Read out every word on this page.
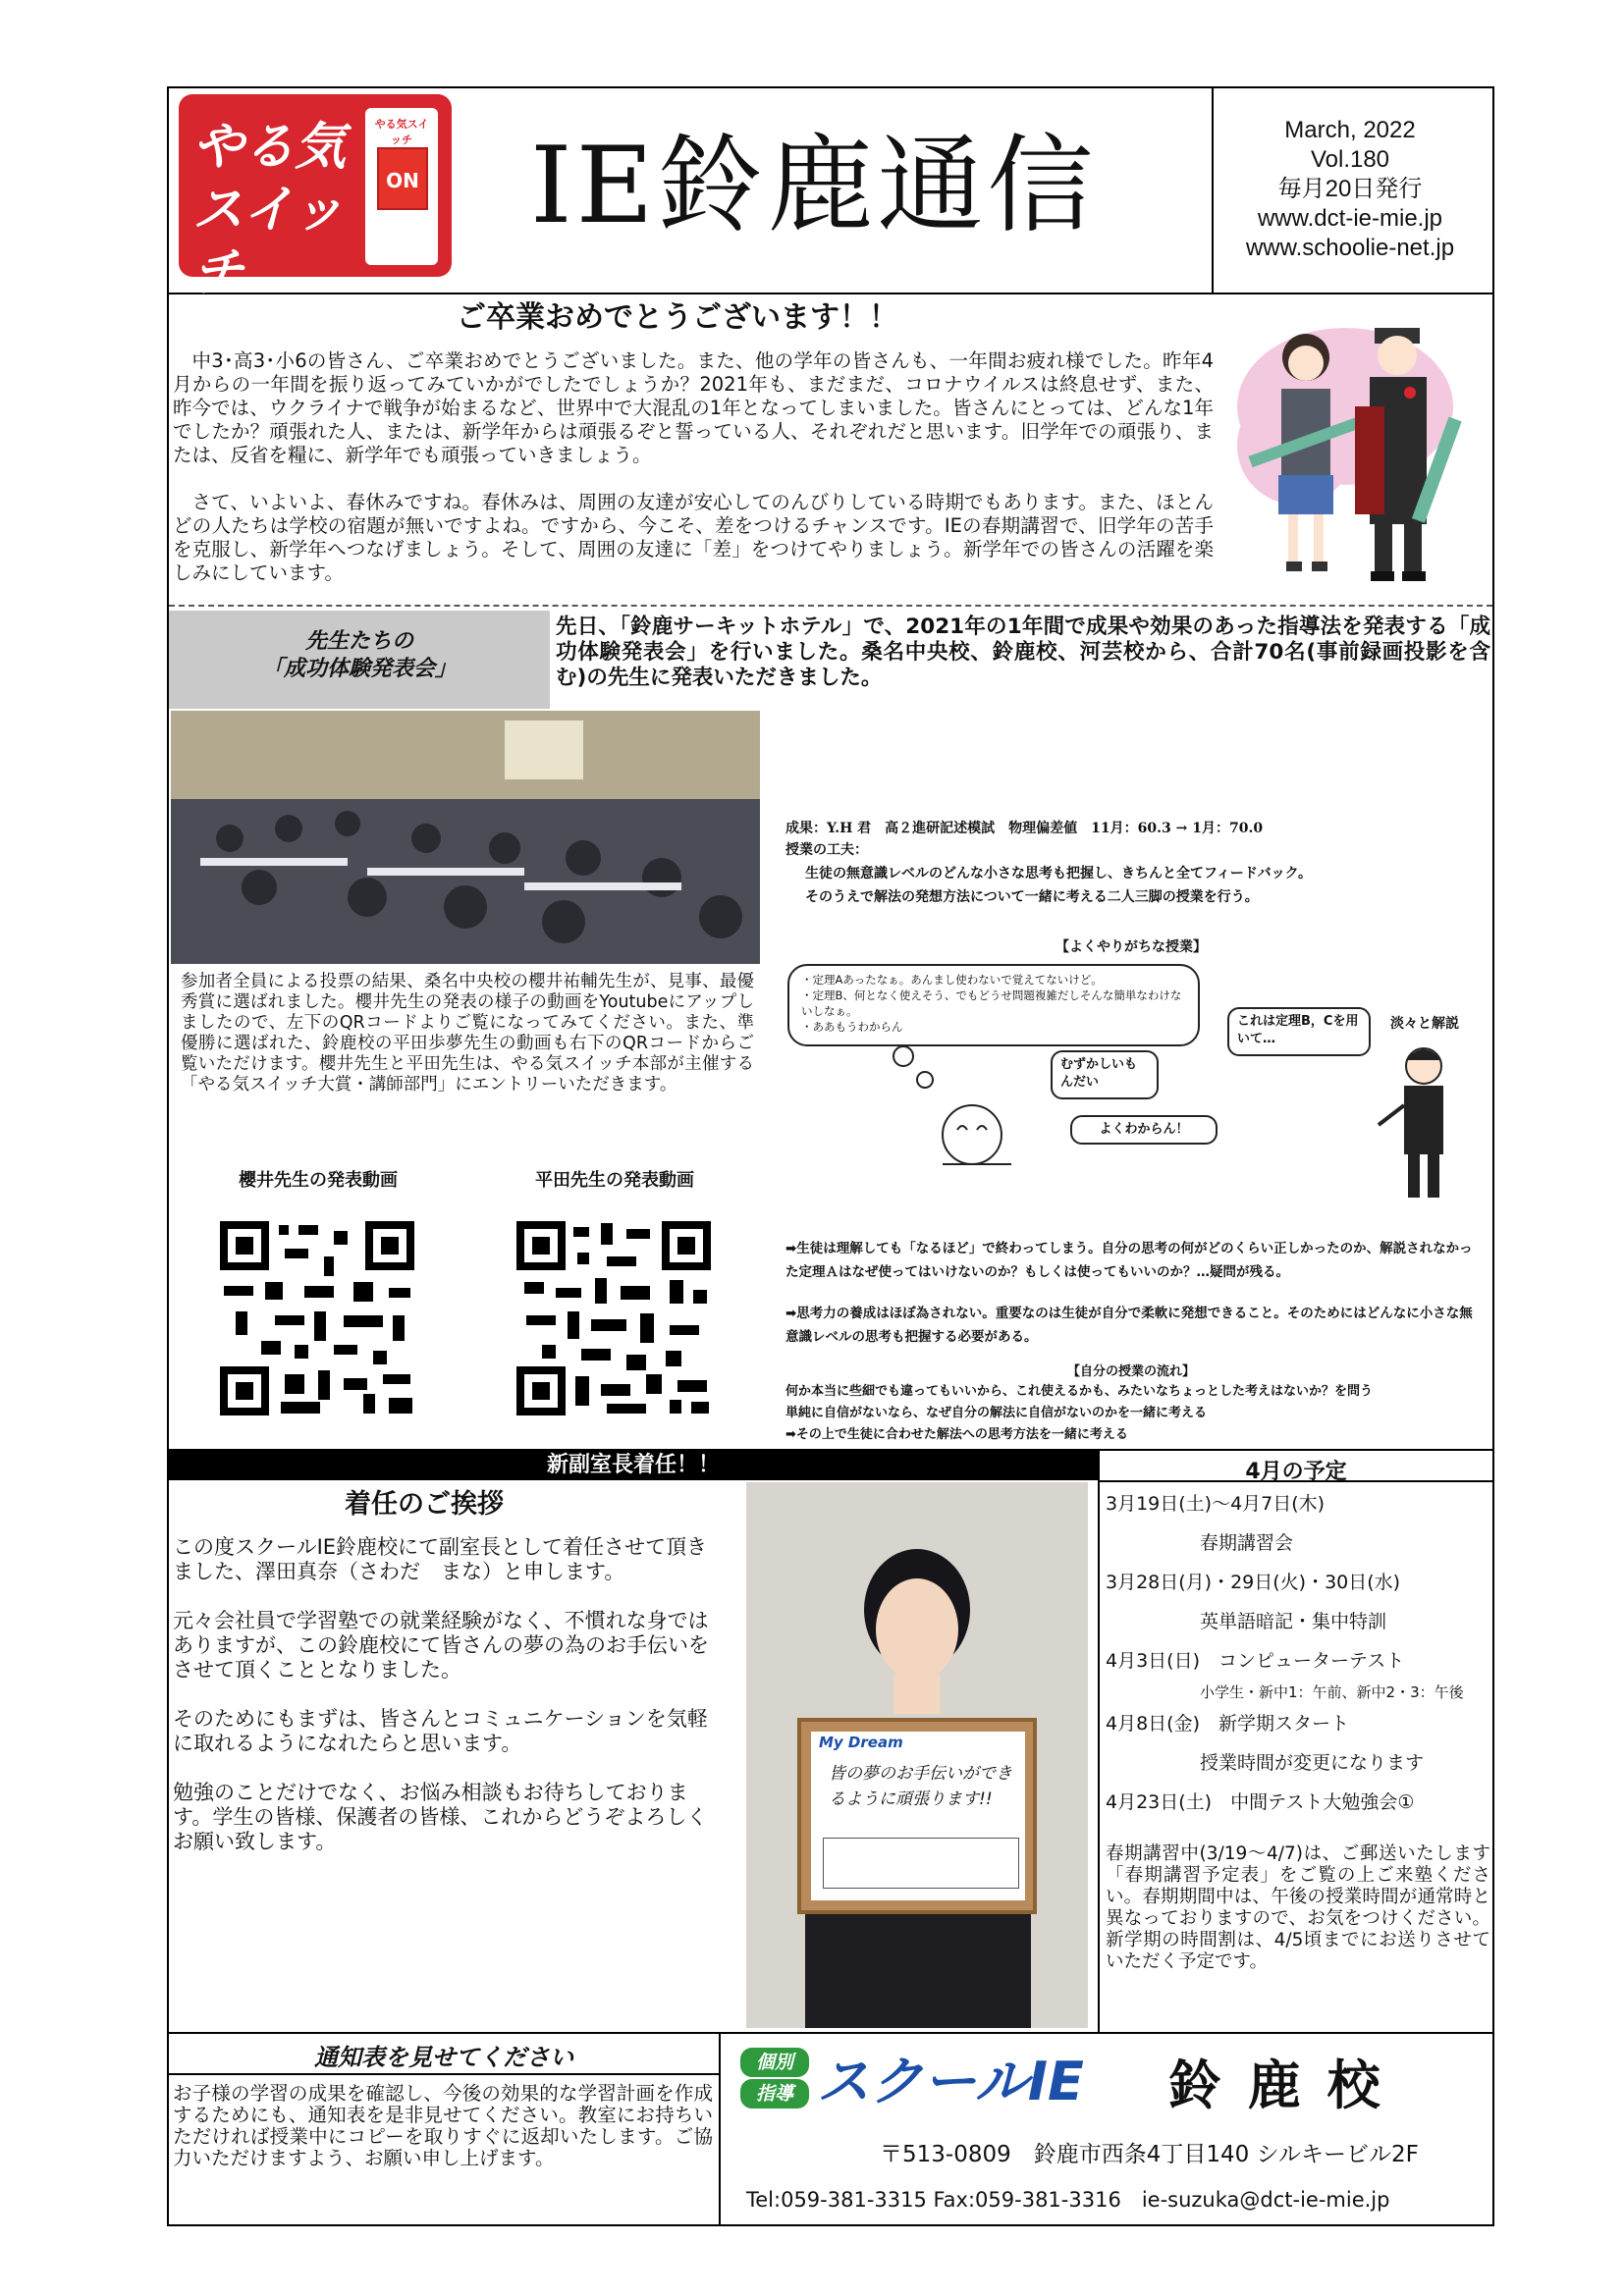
やる気
スイッチ
やる気スイッチ
ON IE鈴鹿通信	March, 2022
Vol.180
毎月20日発行
www.dct-ie-mie.jp
www.schoolie-net.jp
ご卒業おめでとうございます！！
中3･高3･小6の皆さん、ご卒業おめでとうございました。また、他の学年の皆さんも、一年間お疲れ様でした。昨年4月からの一年間を振り返ってみていかがでしたでしょうか？2021年も、まだまだ、コロナウイルスは終息せず、また、昨今では、ウクライナで戦争が始まるなど、世界中で大混乱の1年となってしまいました。皆さんにとっては、どんな1年でしたか？頑張れた人、または、新学年からは頑張るぞと誓っている人、それぞれだと思います。旧学年での頑張り、または、反省を糧に、新学年でも頑張っていきましょう。
さて、いよいよ、春休みですね。春休みは、周囲の友達が安心してのんびりしている時期でもあります。また、ほとんどの人たちは学校の宿題が無いですよね。ですから、今こそ、差をつけるチャンスです。IEの春期講習で、旧学年の苦手を克服し、新学年へつなげましょう。そして、周囲の友達に「差」をつけてやりましょう。新学年での皆さんの活躍を楽しみにしています。
先生たちの
「成功体験発表会」
先日、「鈴鹿サーキットホテル」で、2021年の1年間で成果や効果のあった指導法を発表する「成功体験発表会」を行いました。桑名中央校、鈴鹿校、河芸校から、合計70名(事前録画投影を含む)の先生に発表いただきました。
参加者全員による投票の結果、桑名中央校の櫻井祐輔先生が、見事、最優秀賞に選ばれました。櫻井先生の発表の様子の動画をYoutubeにアップしましたので、左下のQRコードよりご覧になってみてください。また、準優勝に選ばれた、鈴鹿校の平田歩夢先生の動画も右下のQRコードからご覧いただけます。櫻井先生と平田先生は、やる気スイッチ本部が主催する「やる気スイッチ大賞・講師部門」にエントリーいただきます。
櫻井先生の発表動画	平田先生の発表動画
成果：Y.H 君　高２進研記述模試　物理偏差値　11月：60.3 → 1月：70.0
授業の工夫：
生徒の無意識レベルのどんな小さな思考も把握し、きちんと全てフィードバック。
そのうえで解法の発想方法について一緒に考える二人三脚の授業を行う。
【よくやりがちな授業】
・定理Aあったなぁ。あんまし使わないで覚えてないけど。
・定理B、何となく使えそう、でもどうせ問題複雑だしそんな簡単なわけないしなぁ。
・ああもうわからん
むずかしいもんだい
よくわからん！
これは定理B，Cを用いて…
淡々と解説
➡生徒は理解しても「なるほど」で終わってしまう。自分の思考の何がどのくらい正しかったのか、解説されなかった定理Ａはなぜ使ってはいけないのか？もしくは使ってもいいのか？…疑問が残る。
➡思考力の養成はほぼ為されない。重要なのは生徒が自分で柔軟に発想できること。そのためにはどんなに小さな無意識レベルの思考も把握する必要がある。
【自分の授業の流れ】
何か本当に些細でも違ってもいいから、これ使えるかも、みたいなちょっとした考えはないか？を問う
単純に自信がないなら、なぜ自分の解法に自信がないのかを一緒に考える
➡その上で生徒に合わせた解法への思考方法を一緒に考える
新副室長着任！！
着任のご挨拶
この度スクールIE鈴鹿校にて副室長として着任させて頂きました、澤田真奈（さわだ　まな）と申します。
元々会社員で学習塾での就業経験がなく、不慣れな身ではありますが、この鈴鹿校にて皆さんの夢の為のお手伝いをさせて頂くこととなりました。
そのためにもまずは、皆さんとコミュニケーションを気軽に取れるようになれたらと思います。
勉強のことだけでなく、お悩み相談もお待ちしております。学生の皆様、保護者の皆様、これからどうぞよろしくお願い致します。
My Dream
皆の夢のお手伝いができるように頑張ります!!
4月の予定
3月19日(土)～4月7日(木)
春期講習会
3月28日(月)・29日(火)・30日(水)
英単語暗記・集中特訓
4月3日(日)　コンピューターテスト
小学生・新中1：午前、新中2・3：午後
4月8日(金)　新学期スタート
授業時間が変更になります
4月23日(土)　中間テスト大勉強会①
春期講習中(3/19～4/7)は、ご郵送いたします「春期講習予定表」をご覧の上ご来塾ください。春期期間中は、午後の授業時間が通常時と異なっておりますので、お気をつけください。新学期の時間割は、4/5頃までにお送りさせていただく予定です。
通知表を見せてください
お子様の学習の成果を確認し、今後の効果的な学習計画を作成するためにも、通知表を是非見せてください。教室にお持ちいただければ授業中にコピーを取りすぐに返却いたします。ご協力いただけますよう、お願い申し上げます。
個別
指導 スクールIE	鈴 鹿 校
〒513-0809　鈴鹿市西条4丁目140 シルキービル2F
Tel:059-381-3315 Fax:059-381-3316　ie-suzuka@dct-ie-mie.jp
